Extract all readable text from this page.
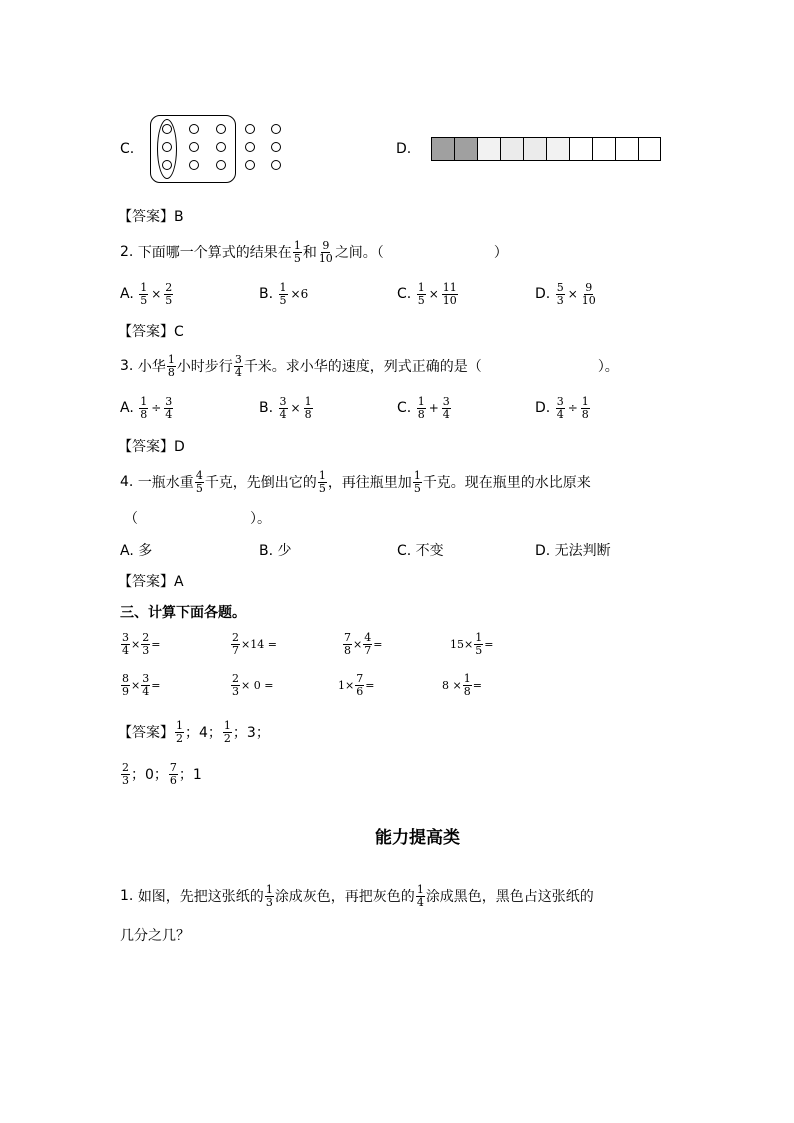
C.	D.
【答案】B
2.
下面哪一个算式的结果在 $\frac{1}{5}$ 和 $\frac{9}{10}$ 之间。（	）
A.
$\frac{1}{5} \times \frac{2}{5}$	B.
$\frac{1}{5} \times 6$	C.
$\frac{1}{5} \times \frac{11}{10}$	D.
$\frac{5}{3} \times \frac{9}{10}$
【答案】C
3.
小华 $\frac{1}{8}$ 小时步行 $\frac{3}{4}$ 千米。求小华的速度，列式正确的是（	）。
A.
$\frac{1}{8} \div \frac{3}{4}$	B.
$\frac{3}{4} \times \frac{1}{8}$	C.
$\frac{1}{8} + \frac{3}{4}$	D.
$\frac{3}{4} \div \frac{1}{8}$
【答案】D
4.
一瓶水重 $\frac{4}{5}$ 千克，先倒出它的 $\frac{1}{5}$ ，再往瓶里加 $\frac{1}{5}$ 千克。现在瓶里的水比原来
（	）。
A. 多	B. 少	C. 不变	D. 无法判断
【答案】A
三、计算下面各题。
$\frac{3}{4} \times \frac{2}{3}$ =	$\frac{2}{7} \times 14$ =	$\frac{7}{8} \times \frac{4}{7}$ =	$15\times \frac{1}{5}$ =
$\frac{8}{9} \times \frac{3}{4}$ =	$\frac{2}{3} \times 0$ =	$1\times \frac{7}{6}$ =	$8 \times \frac{1}{8}$ =
【答案】 $\frac{1}{2}$ ；4； $\frac{1}{2}$ ；3；
$\frac{2}{3}$ ；0； $\frac{7}{6}$ ；1
能力提高类
1.
如图，先把这张纸的 $\frac{1}{3}$ 涂成灰色，再把灰色的 $\frac{1}{4}$ 涂成黑色，黑色占这张纸的
几分之几？
